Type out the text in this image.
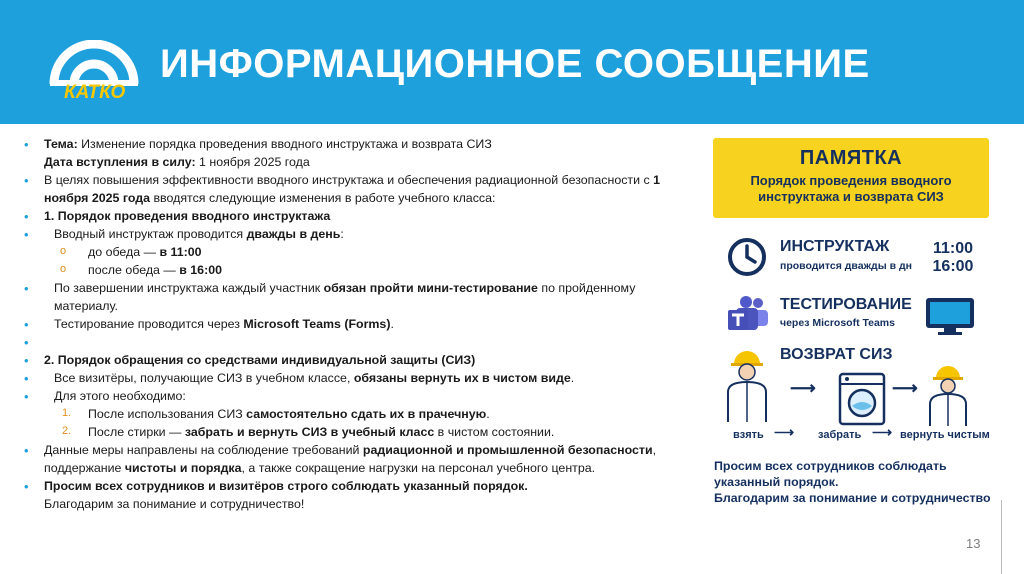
КАТКО
ИНФОРМАЦИОННОЕ СООБЩЕНИЕ
•	Тема: Изменение порядка проведения вводного инструктажа и возврата СИЗ
Дата вступления в силу: 1 ноября 2025 года
•	В целях повышения эффективности вводного инструктажа и обеспечения радиационной безопасности с 1 ноября 2025 года вводятся следующие изменения в работе учебного класса:
•	1. Порядок проведения вводного инструктажа
•	Вводный инструктаж проводится дважды в день:
o	до обеда — в 11:00
o	после обеда — в 16:00
•	По завершении инструктажа каждый участник обязан пройти мини-тестирование по пройденному материалу.
•	Тестирование проводится через Microsoft Teams (Forms).
•
•	2. Порядок обращения со средствами индивидуальной защиты (СИЗ)
•	Все визитёры, получающие СИЗ в учебном классе, обязаны вернуть их в чистом виде.
•	Для этого необходимо:
1.	После использования СИЗ самостоятельно сдать их в прачечную.
2.	После стирки — забрать и вернуть СИЗ в учебный класс в чистом состоянии.
•	Данные меры направлены на соблюдение требований радиационной и промышленной безопасности, поддержание чистоты и порядка, а также сокращение нагрузки на персонал учебного центра.
•	Просим всех сотрудников и визитёров строго соблюдать указанный порядок.
Благодарим за понимание и сотрудничество!
ПАМЯТКА
Порядок проведения вводного
инструктажа и возврата СИЗ
ИНСТРУКТАЖ
проводится дважды в дн
11:00
16:00
ТЕСТИРОВАНИЕ
через Microsoft Teams
ВОЗВРАТ СИЗ
⟶	⟶
⟶	⟶
взять	забрать	вернуть чистым
Просим всех сотрудников соблюдать
указанный порядок.
Благодарим за понимание и сотрудничество
13
